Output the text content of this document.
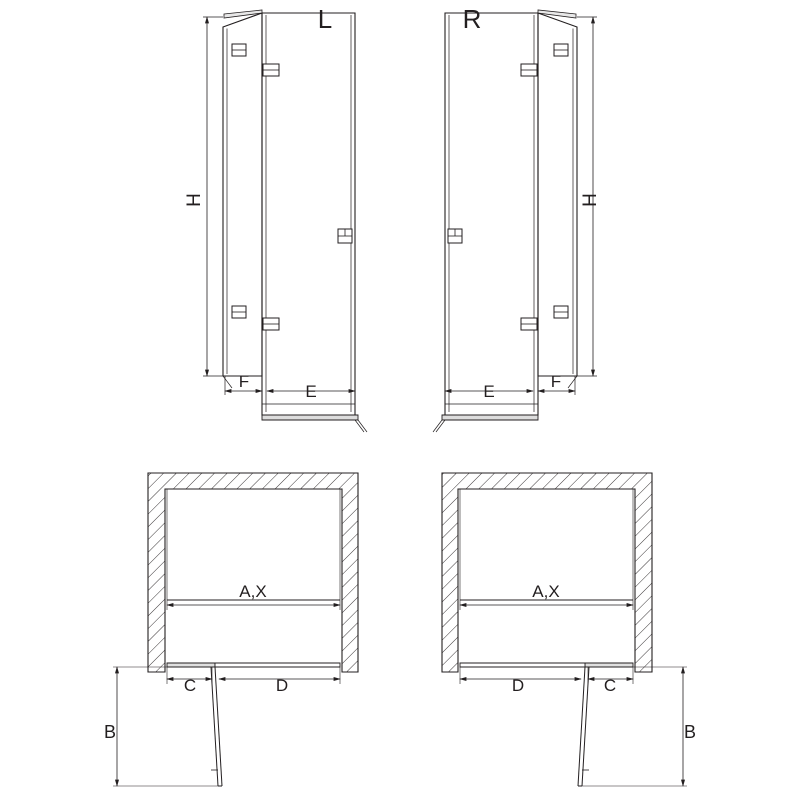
L	R
H	H
F
E
F
E
A,X	A,X
C	D	C
D
B	B
